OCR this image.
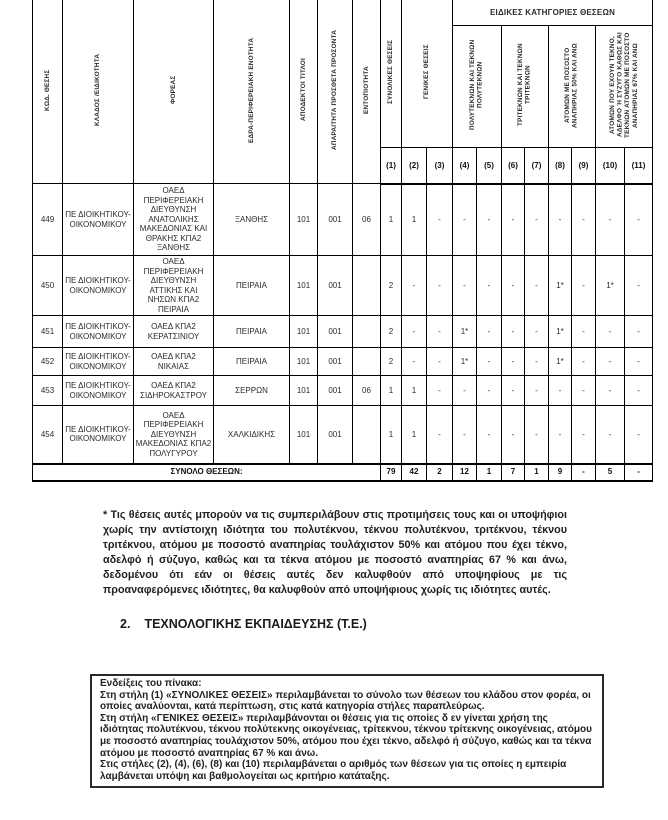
ΚΩΔ. ΘΕΣΗΣ	ΚΛΑΔΟΣ /ΕΙΔΙΚΟΤΗΤΑ	ΦΟΡΕΑΣ	ΕΔΡΑ-ΠΕΡΙΦΕΡΕΙΑΚΗ ΕΝΟΤΗΤΑ	ΑΠΟΔΕΚΤΟΙ ΤΙΤΛΟΙ	ΑΠΑΡΑΙΤΗΤΑ ΠΡΟΣΘΕΤΑ ΠΡΟΣΟΝΤΑ	ΕΝΤΟΠΙΟΤΗΤΑ	ΣΥΝΟΛΙΚΕΣ ΘΕΣΕΙΣ	ΓΕΝΙΚΕΣ ΘΕΣΕΙΣ		ΕΙΔΙΚΕΣ ΚΑΤΗΓΟΡΙΕΣ ΘΕΣΕΩΝ							
										ΠΟΛΥΤΕΚΝΩΝ ΚΑΙ ΤΕΚΝΩΝ ΠΟΛΥΤΕΚΝΩΝ		ΤΡΙΤΕΚΝΩΝ ΚΑΙ ΤΕΚΝΩΝ ΤΡΙΤΕΚΝΩΝ		ΑΤΟΜΩΝ ΜΕ ΠΟΣΟΣΤΟ ΑΝΑΠΗΡΙΑΣ 50% ΚΑΙ ΑΝΩ		ΑΤΟΜΩΝ ΠΟΥ ΕΧΟΥΝ ΤΕΚΝΟ, ΑΔΕΛΦΟ Ή ΣΥΖΥΓΟ ΚΑΘΩΣ ΚΑΙ ΤΕΚΝΩΝ ΑΤΟΜΩΝ ΜΕ ΠΟΣΟΣΤΟ ΑΝΑΠΗΡΙΑΣ 67% ΚΑΙ ΑΝΩ	
							(1)	(2)	(3)	(4)	(5)	(6)	(7)	(8)	(9)	(10)	(11)
449	ΠΕ ΔΙΟΙΚΗΤΙΚΟΥ-ΟΙΚΟΝΟΜΙΚΟΥ	ΟΑΕΔ ΠΕΡΙΦΕΡΕΙΑΚΗ ΔΙΕΥΘΥΝΣΗ ΑΝΑΤΟΛΙΚΗΣ ΜΑΚΕΔΟΝΙΑΣ ΚΑΙ ΘΡΑΚΗΣ ΚΠΑ2 ΞΑΝΘΗΣ	ΞΑΝΘΗΣ	101	001	06	1	1	-	-	-	-	-	-	-	-	-
450	ΠΕ ΔΙΟΙΚΗΤΙΚΟΥ-ΟΙΚΟΝΟΜΙΚΟΥ	ΟΑΕΔ ΠΕΡΙΦΕΡΕΙΑΚΗ ΔΙΕΥΘΥΝΣΗ ΑΤΤΙΚΗΣ ΚΑΙ ΝΗΣΩΝ ΚΠΑ2 ΠΕΙΡΑΙΑ	ΠΕΙΡΑΙΑ	101	001		2	-	-	-	-	-	-	1*	-	1*	-
451	ΠΕ ΔΙΟΙΚΗΤΙΚΟΥ-ΟΙΚΟΝΟΜΙΚΟΥ	ΟΑΕΔ ΚΠΑ2 ΚΕΡΑΤΣΙΝΙΟΥ	ΠΕΙΡΑΙΑ	101	001		2	-	-	1*	-	-	-	1*	-	-	-
452	ΠΕ ΔΙΟΙΚΗΤΙΚΟΥ-ΟΙΚΟΝΟΜΙΚΟΥ	ΟΑΕΔ ΚΠΑ2 ΝΙΚΑΙΑΣ	ΠΕΙΡΑΙΑ	101	001		2	-	-	1*	-	-	-	1*	-	-	-
453	ΠΕ ΔΙΟΙΚΗΤΙΚΟΥ-ΟΙΚΟΝΟΜΙΚΟΥ	ΟΑΕΔ ΚΠΑ2 ΣΙΔΗΡΟΚΑΣΤΡΟΥ	ΣΕΡΡΩΝ	101	001	06	1	1	-	-	-	-	-	-	-	-	-
454	ΠΕ ΔΙΟΙΚΗΤΙΚΟΥ-ΟΙΚΟΝΟΜΙΚΟΥ	ΟΑΕΔ ΠΕΡΙΦΕΡΕΙΑΚΗ ΔΙΕΥΘΥΝΣΗ ΜΑΚΕΔΟΝΙΑΣ ΚΠΑ2 ΠΟΛΥΓΥΡΟΥ	ΧΑΛΚΙΔΙΚΗΣ	101	001		1	1	-	-	-	-	-	-	-	-	-
ΣΥΝΟΛΟ ΘΕΣΕΩΝ:							79	42	2	12	1	7	1	9	-	5	-

* Τις θέσεις αυτές μπορούν να τις συμπεριλάβουν στις προτιμήσεις τους και οι υποψήφιοι χωρίς την αντίστοιχη ιδιότητα του πολυτέκνου, τέκνου πολυτέκνου, τριτέκνου, τέκνου τριτέκνου, ατόμου με ποσοστό αναπηρίας τουλάχιστον 50% και ατόμου που έχει τέκνο, αδελφό ή σύζυγο, καθώς και τα τέκνα ατόμου με ποσοστό αναπηρίας 67 % και άνω, δεδομένου ότι εάν οι θέσεις αυτές δεν καλυφθούν από υποψηφίους με τις προαναφερόμενες ιδιότητες, θα καλυφθούν από υποψήφιους χωρίς τις ιδιότητες αυτές.

2. ΤΕΧΝΟΛΟΓΙΚΗΣ ΕΚΠΑΙΔΕΥΣΗΣ (Τ.Ε.)

Ενδείξεις του πίνακα:

Στη στήλη (1) «ΣΥΝΟΛΙΚΕΣ ΘΕΣΕΙΣ» περιλαμβάνεται το σύνολο των θέσεων του κλάδου στον φορέα, οι οποίες αναλύονται, κατά περίπτωση, στις κατά κατηγορία στήλες παραπλεύρως.

Στη στήλη «ΓΕΝΙΚΕΣ ΘΕΣΕΙΣ» περιλαμβάνονται οι θέσεις για τις οποίες δ εν γίνεται χρήση της ιδιότητας πολυτέκνου, τέκνου πολύτεκνης οικογένειας, τρίτεκνου, τέκνου τρίτεκνης οικογένειας, ατόμου με ποσοστό αναπηρίας τουλάχιστον 50%, ατόμου που έχει τέκνο, αδελφό ή σύζυγο, καθώς και τα τέκνα ατόμου με ποσοστό αναπηρίας 67 % και άνω.

Στις στήλες (2), (4), (6), (8) και (10) περιλαμβάνεται ο αριθμός των θέσεων για τις οποίες η εμπειρία λαμβάνεται υπόψη και βαθμολογείται ως κριτήριο κατάταξης.
